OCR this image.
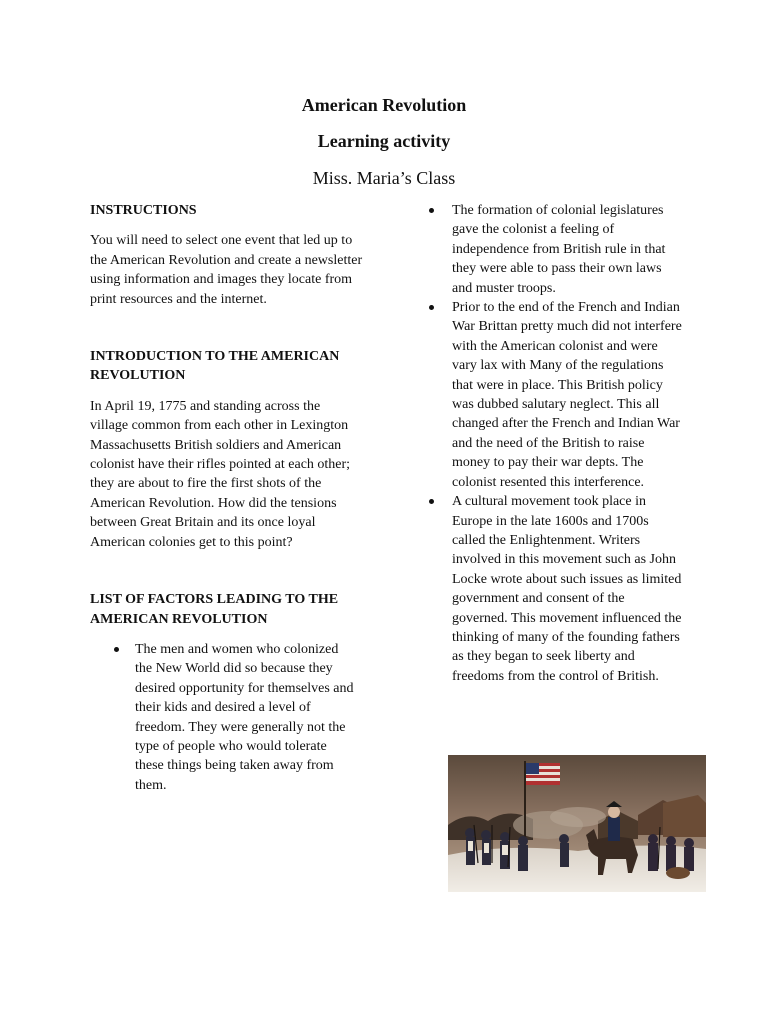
American Revolution
Learning activity
Miss. Maria’s Class

INSTRUCTIONS

You will need to select one event that led up to the American Revolution and create a newsletter using information and images they locate from print resources and the internet.

INTRODUCTION TO THE AMERICAN REVOLUTION

In April 19, 1775 and standing across the village common from each other in Lexington Massachusetts British soldiers and American colonist have their rifles pointed at each other; they are about to fire the first shots of the American Revolution. How did the tensions between Great Britain and its once loyal American colonies get to this point?

LIST OF FACTORS LEADING TO THE AMERICAN REVOLUTION

The men and women who colonized the New World did so because they desired opportunity for themselves and their kids and desired a level of freedom. They were generally not the type of people who would tolerate these things being taken away from them.
The formation of colonial legislatures gave the colonist a feeling of independence from British rule in that they were able to pass their own laws and muster troops.
Prior to the end of the French and Indian War Brittan pretty much did not interfere with the American colonist and were vary lax with Many of the regulations that were in place. This British policy was dubbed salutary neglect. This all changed after the French and Indian War and the need of the British to raise money to pay their war depts. The colonist resented this interference.
A cultural movement took place in Europe in the late 1600s and 1700s called the Enlightenment. Writers involved in this movement such as John Locke wrote about such issues as limited government and consent of the governed. This movement influenced the thinking of many of the founding fathers as they began to seek liberty and freedoms from the control of British.
